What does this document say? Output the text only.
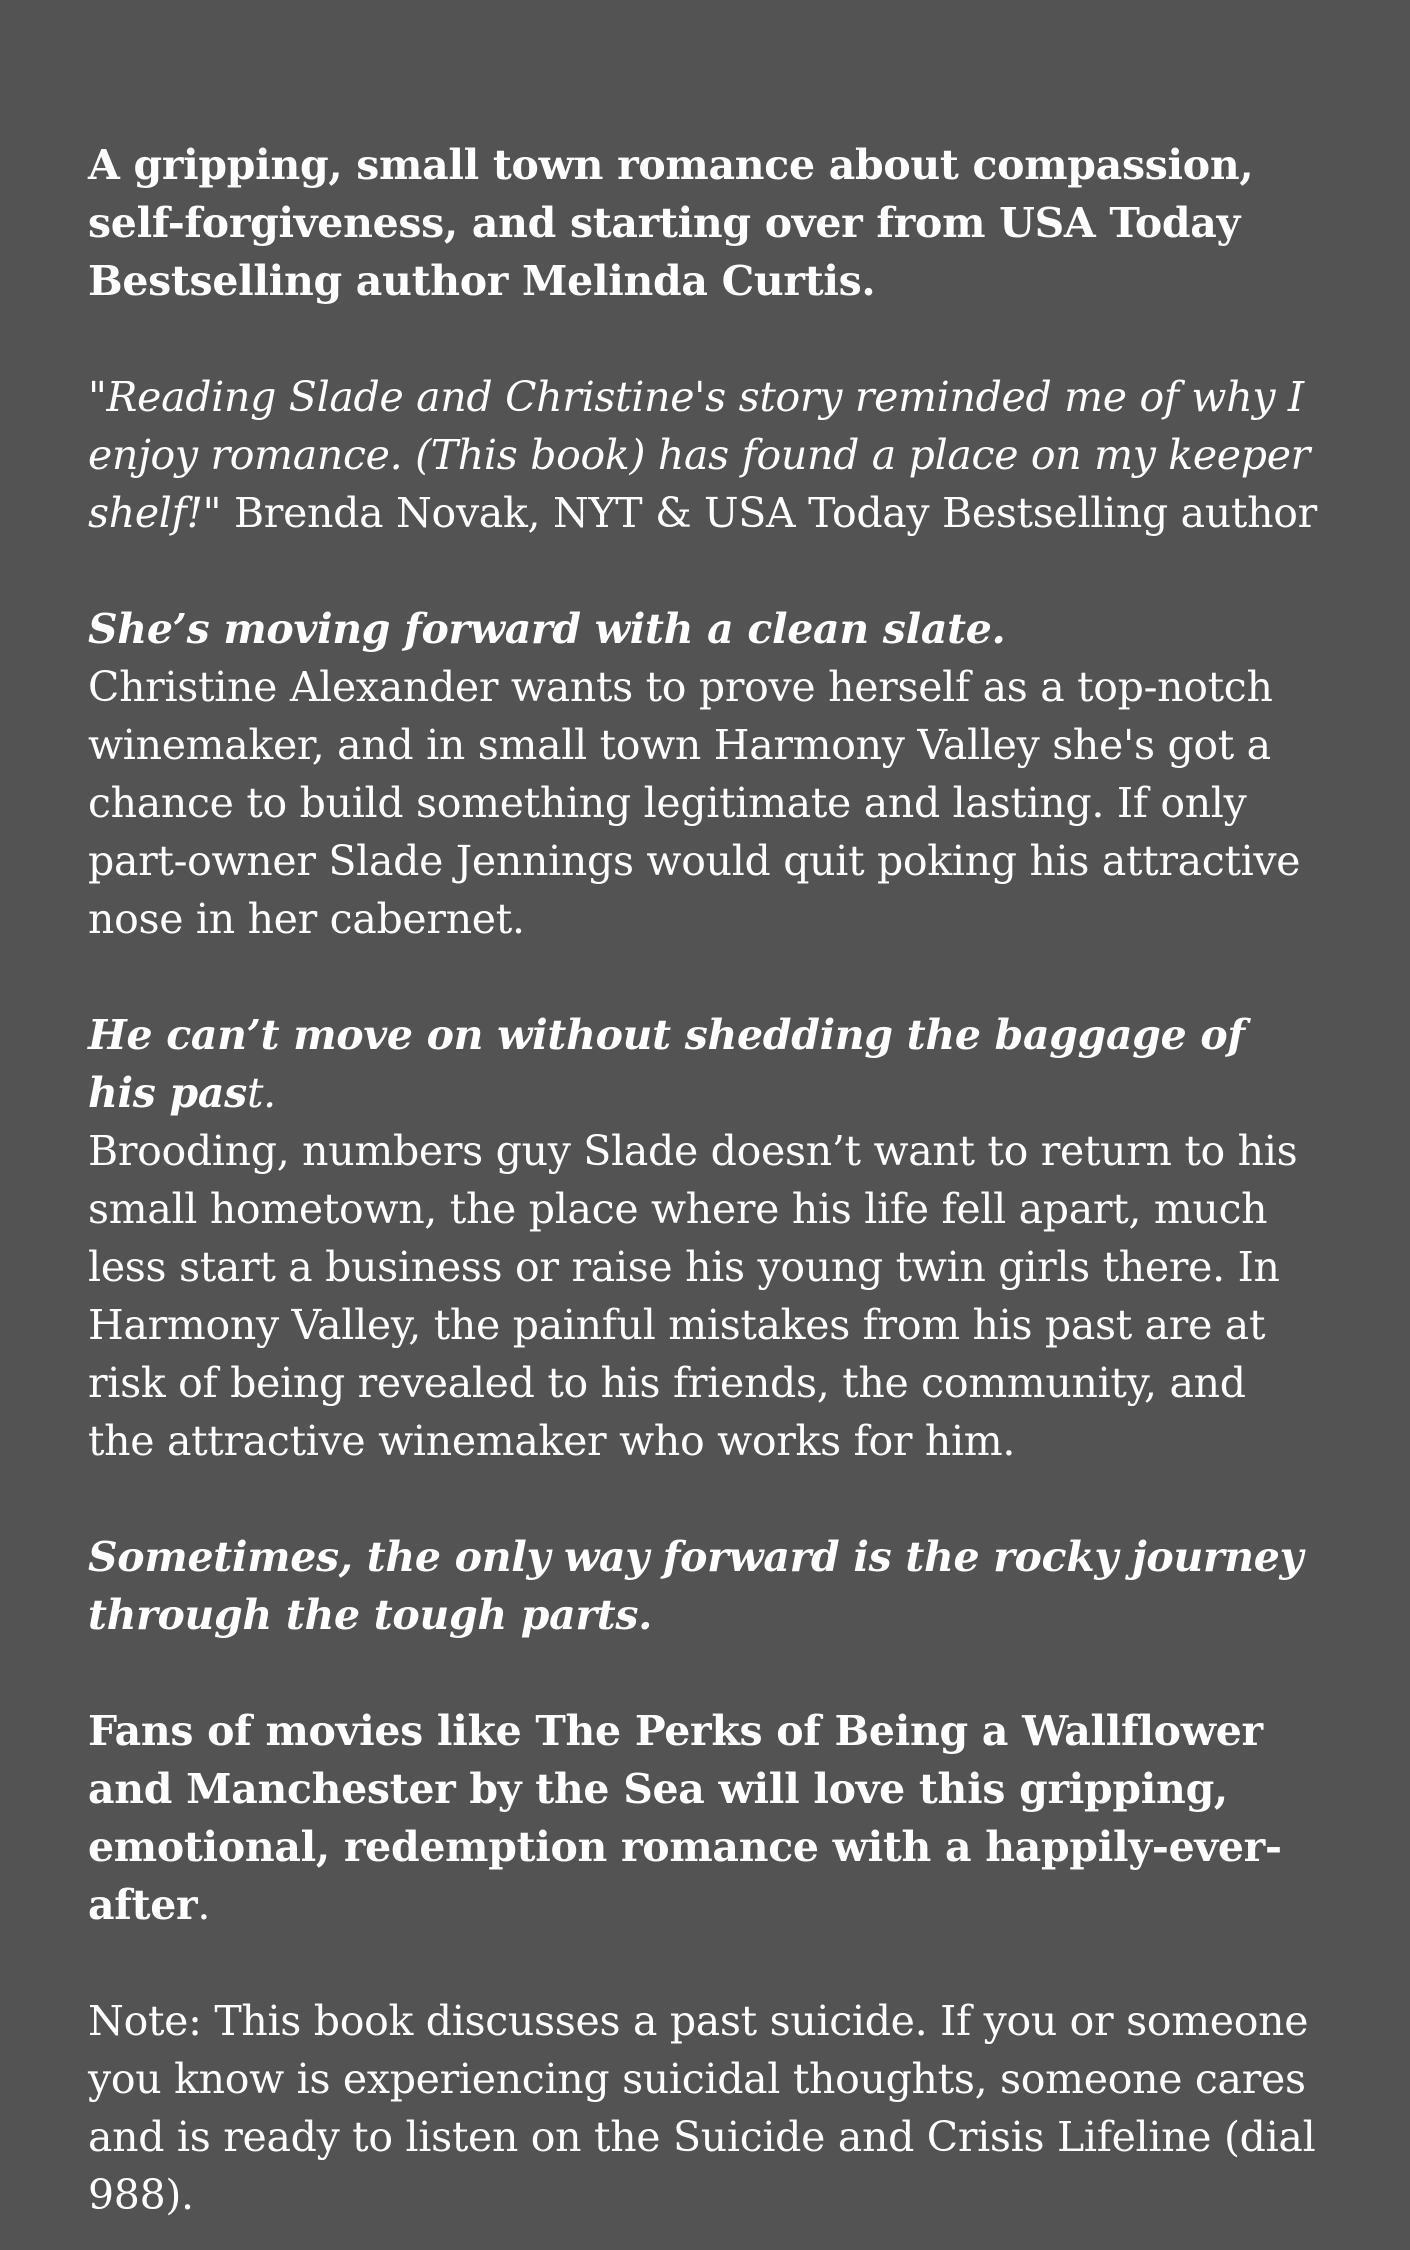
A gripping, small town romance about compassion, self-forgiveness, and starting over from USA Today Bestselling author Melinda Curtis.

"Reading Slade and Christine's story reminded me of why I enjoy romance. (This book) has found a place on my keeper shelf!" Brenda Novak, NYT & USA Today Bestselling author

She’s moving forward with a clean slate.
Christine Alexander wants to prove herself as a top-notch winemaker, and in small town Harmony Valley she's got a chance to build something legitimate and lasting. If only part-owner Slade Jennings would quit poking his attractive nose in her cabernet.

He can’t move on without shedding the baggage of his past.
Brooding, numbers guy Slade doesn’t want to return to his small hometown, the place where his life fell apart, much less start a business or raise his young twin girls there. In Harmony Valley, the painful mistakes from his past are at risk of being revealed to his friends, the community, and the attractive winemaker who works for him.

Sometimes, the only way forward is the rocky journey through the tough parts.

Fans of movies like The Perks of Being a Wallflower and Manchester by the Sea will love this gripping, emotional, redemption romance with a happily-ever-after.

Note: This book discusses a past suicide. If you or someone you know is experiencing suicidal thoughts, someone cares and is ready to listen on the Suicide and Crisis Lifeline (dial 988).
